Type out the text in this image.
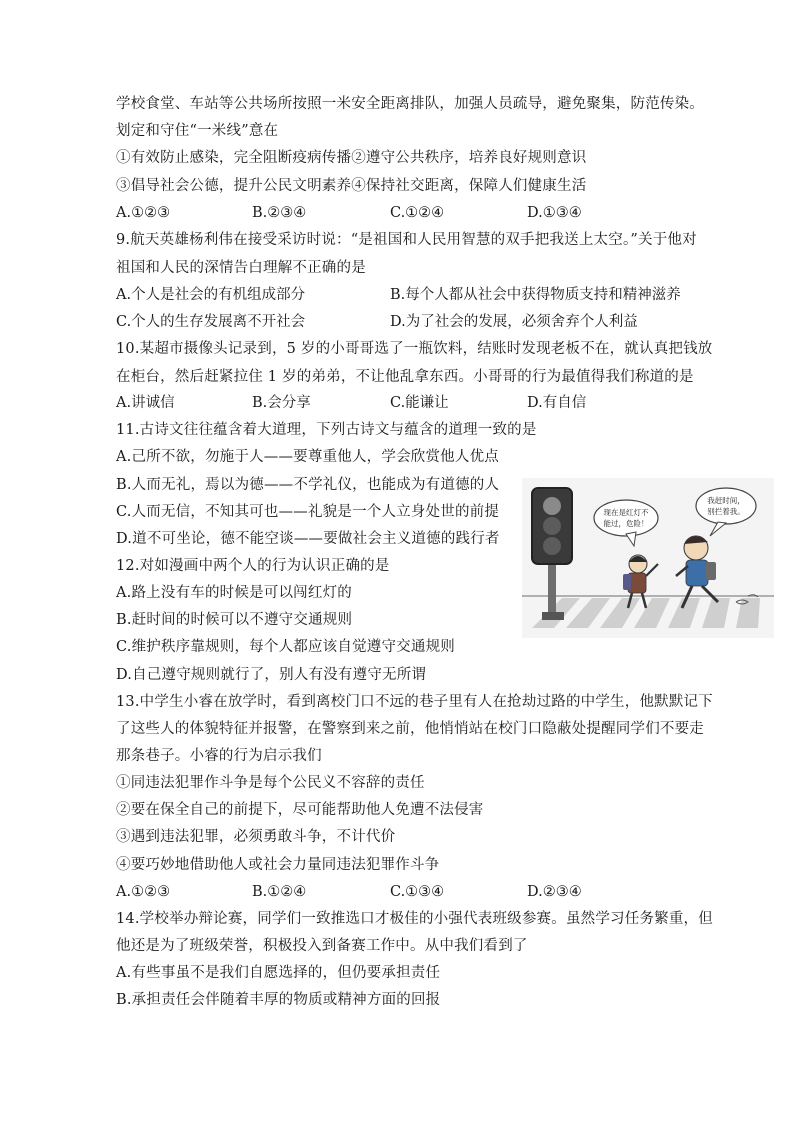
学校食堂、车站等公共场所按照一米安全距离排队，加强人员疏导，避免聚集，防范传染。
划定和守住“一米线”意在
①有效防止感染，完全阻断疫病传播②遵守公共秩序，培养良好规则意识
③倡导社会公德，提升公民文明素养④保持社交距离，保障人们健康生活
A.①②③	B.②③④	C.①②④	D.①③④
9.航天英雄杨利伟在接受采访时说：“是祖国和人民用智慧的双手把我送上太空。”关于他对
祖国和人民的深情告白理解不正确的是
A.个人是社会的有机组成部分	B.每个人都从社会中获得物质支持和精神滋养
C.个人的生存发展离不开社会	D.为了社会的发展，必须舍弃个人利益
10.某超市摄像头记录到，5 岁的小哥哥选了一瓶饮料，结账时发现老板不在，就认真把钱放
在柜台，然后赶紧拉住 1 岁的弟弟，不让他乱拿东西。小哥哥的行为最值得我们称道的是
A.讲诚信	B.会分享	C.能谦让	D.有自信
11.古诗文往往蕴含着大道理，下列古诗文与蕴含的道理一致的是
A.己所不欲，勿施于人——要尊重他人，学会欣赏他人优点
B.人而无礼，焉以为德——不学礼仪，也能成为有道德的人
C.人而无信，不知其可也——礼貌是一个人立身处世的前提
D.道不可坐论，德不能空谈——要做社会主义道德的践行者
12.对如漫画中两个人的行为认识正确的是
A.路上没有车的时候是可以闯红灯的
B.赶时间的时候可以不遵守交通规则
C.维护秩序靠规则，每个人都应该自觉遵守交通规则
D.自己遵守规则就行了，别人有没有遵守无所谓
现在是红灯不
能过，危险！
我赶时间，
别拦着我。
13.中学生小睿在放学时，看到离校门口不远的巷子里有人在抢劫过路的中学生，他默默记下
了这些人的体貌特征并报警，在警察到来之前，他悄悄站在校门口隐蔽处提醒同学们不要走
那条巷子。小睿的行为启示我们
①同违法犯罪作斗争是每个公民义不容辞的责任
②要在保全自己的前提下，尽可能帮助他人免遭不法侵害
③遇到违法犯罪，必须勇敢斗争，不计代价
④要巧妙地借助他人或社会力量同违法犯罪作斗争
A.①②③	B.①②④	C.①③④	D.②③④
14.学校举办辩论赛，同学们一致推选口才极佳的小强代表班级参赛。虽然学习任务繁重，但
他还是为了班级荣誉，积极投入到备赛工作中。从中我们看到了
A.有些事虽不是我们自愿选择的，但仍要承担责任
B.承担责任会伴随着丰厚的物质或精神方面的回报
